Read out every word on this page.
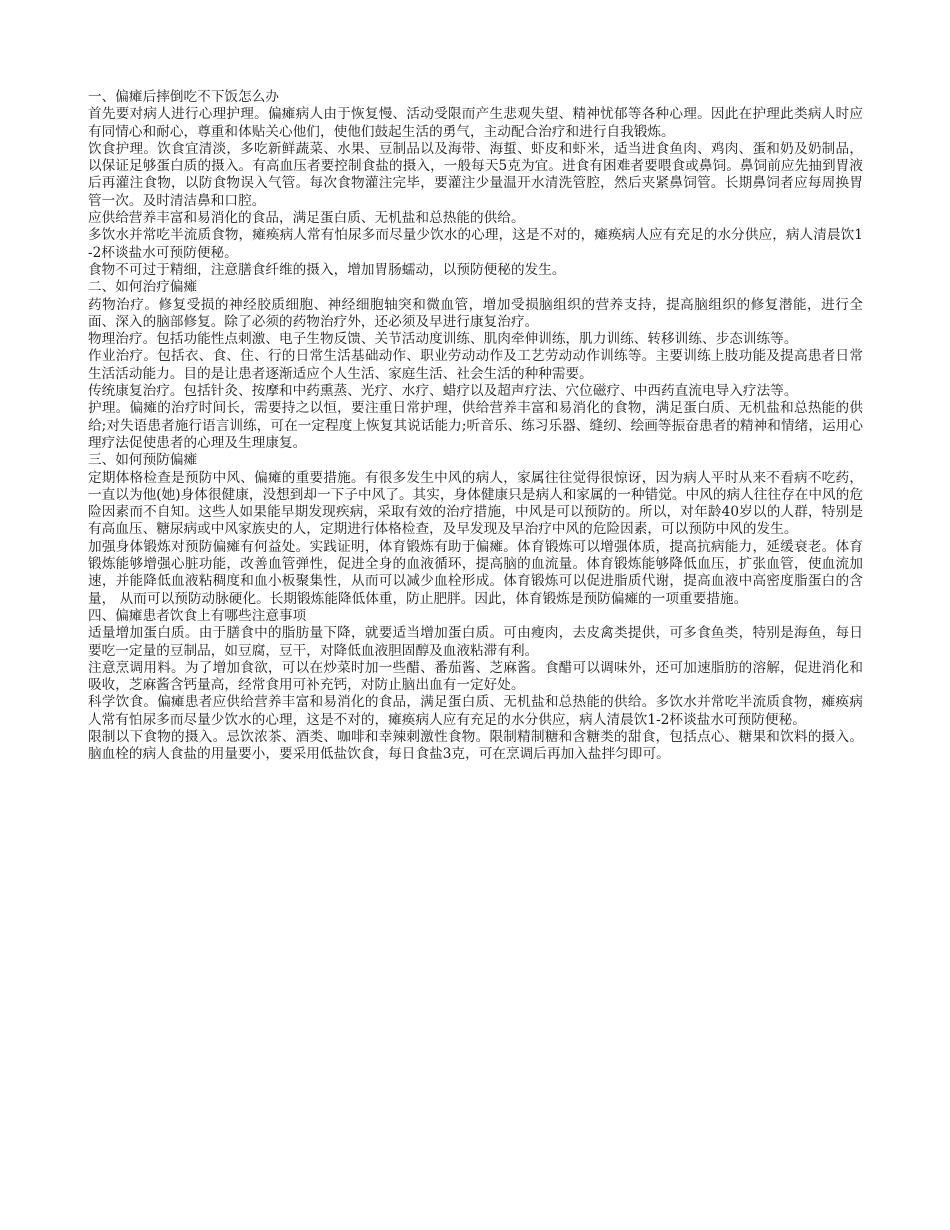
一、偏瘫后摔倒吃不下饭怎么办

首先要对病人进行心理护理。偏瘫病人由于恢复慢、活动受限而产生悲观失望、精神忧郁等各种心理。因此在护理此类病人时应有同情心和耐心，尊重和体贴关心他们，使他们鼓起生活的勇气，主动配合治疗和进行自我锻炼。

饮食护理。饮食宜清淡，多吃新鲜蔬菜、水果、豆制品以及海带、海蜇、虾皮和虾米，适当进食鱼肉、鸡肉、蛋和奶及奶制品，以保证足够蛋白质的摄入。有高血压者要控制食盐的摄入，一般每天5克为宜。进食有困难者要喂食或鼻饲。鼻饲前应先抽到胃液后再灌注食物，以防食物误入气管。每次食物灌注完毕，要灌注少量温开水清洗管腔，然后夹紧鼻饲管。长期鼻饲者应每周换胃管一次。及时清洁鼻和口腔。

应供给营养丰富和易消化的食品，满足蛋白质、无机盐和总热能的供给。

多饮水并常吃半流质食物，瘫痪病人常有怕尿多而尽量少饮水的心理，这是不对的，瘫痪病人应有充足的水分供应，病人清晨饮1-2杯谈盐水可预防便秘。

食物不可过于精细，注意膳食纤维的摄入，增加胃肠蠕动，以预防便秘的发生。

二、如何治疗偏瘫

药物治疗。修复受损的神经胶质细胞、神经细胞轴突和微血管，增加受损脑组织的营养支持，提高脑组织的修复潜能，进行全面、深入的脑部修复。除了必须的药物治疗外，还必须及早进行康复治疗。

物理治疗。包括功能性点刺激、电子生物反馈、关节活动度训练、肌肉牵伸训练，肌力训练、转移训练、步态训练等。

作业治疗。包括衣、食、住、行的日常生活基础动作、职业劳动动作及工艺劳动动作训练等。主要训练上肢功能及提高患者日常生活活动能力。目的是让患者逐渐适应个人生活、家庭生活、社会生活的种种需要。

传统康复治疗。包括针灸、按摩和中药熏蒸、光疗、水疗、蜡疗以及超声疗法、穴位磁疗、中西药直流电导入疗法等。

护理。偏瘫的治疗时间长，需要持之以恒，要注重日常护理，供给营养丰富和易消化的食物，满足蛋白质、无机盐和总热能的供给;对失语患者施行语言训练，可在一定程度上恢复其说话能力;听音乐、练习乐器、缝纫、绘画等振奋患者的精神和情绪，运用心理疗法促使患者的心理及生理康复。

三、如何预防偏瘫

定期体格检查是预防中风、偏瘫的重要措施。有很多发生中风的病人，家属往往觉得很惊讶，因为病人平时从来不看病不吃药，一直以为他(她)身体很健康，没想到却一下子中风了。其实，身体健康只是病人和家属的一种错觉。中风的病人往往存在中风的危险因素而不自知。这些人如果能早期发现疾病，采取有效的治疗措施，中风是可以预防的。所以，对年龄40岁以的人群，特别是有高血压、糖尿病或中风家族史的人，定期进行体格检查，及早发现及早治疗中风的危险因素，可以预防中风的发生。

加强身体锻炼对预防偏瘫有何益处。实践证明，体育锻炼有助于偏瘫。体育锻炼可以增强体质，提高抗病能力，延缓衰老。体育锻炼能够增强心脏功能，改善血管弹性，促进全身的血液循环，提高脑的血流量。体育锻炼能够降低血压，扩张血管，使血流加速，并能降低血液粘稠度和血小板聚集性，从而可以减少血栓形成。体育锻炼可以促进脂质代谢，提高血液中高密度脂蛋白的含量， 从而可以预防动脉硬化。长期锻炼能降低体重，防止肥胖。因此，体育锻炼是预防偏瘫的一项重要措施。

四、偏瘫患者饮食上有哪些注意事项

适量增加蛋白质。由于膳食中的脂肪量下降，就要适当增加蛋白质。可由瘦肉，去皮禽类提供，可多食鱼类，特别是海鱼，每日要吃一定量的豆制品，如豆腐，豆干，对降低血液胆固醇及血液粘滞有利。

注意烹调用料。为了增加食欲，可以在炒菜时加一些醋、番茄酱、芝麻酱。食醋可以调味外，还可加速脂肪的溶解，促进消化和吸收，芝麻酱含钙量高，经常食用可补充钙，对防止脑出血有一定好处。

科学饮食。偏瘫患者应供给营养丰富和易消化的食品，满足蛋白质、无机盐和总热能的供给。多饮水并常吃半流质食物，瘫痪病人常有怕尿多而尽量少饮水的心理，这是不对的，瘫痪病人应有充足的水分供应，病人清晨饮1-2杯谈盐水可预防便秘。

限制以下食物的摄入。忌饮浓茶、酒类、咖啡和幸辣刺激性食物。限制精制糖和含糖类的甜食，包括点心、糖果和饮料的摄入。脑血栓的病人食盐的用量要小，要采用低盐饮食，每日食盐3克，可在烹调后再加入盐拌匀即可。
